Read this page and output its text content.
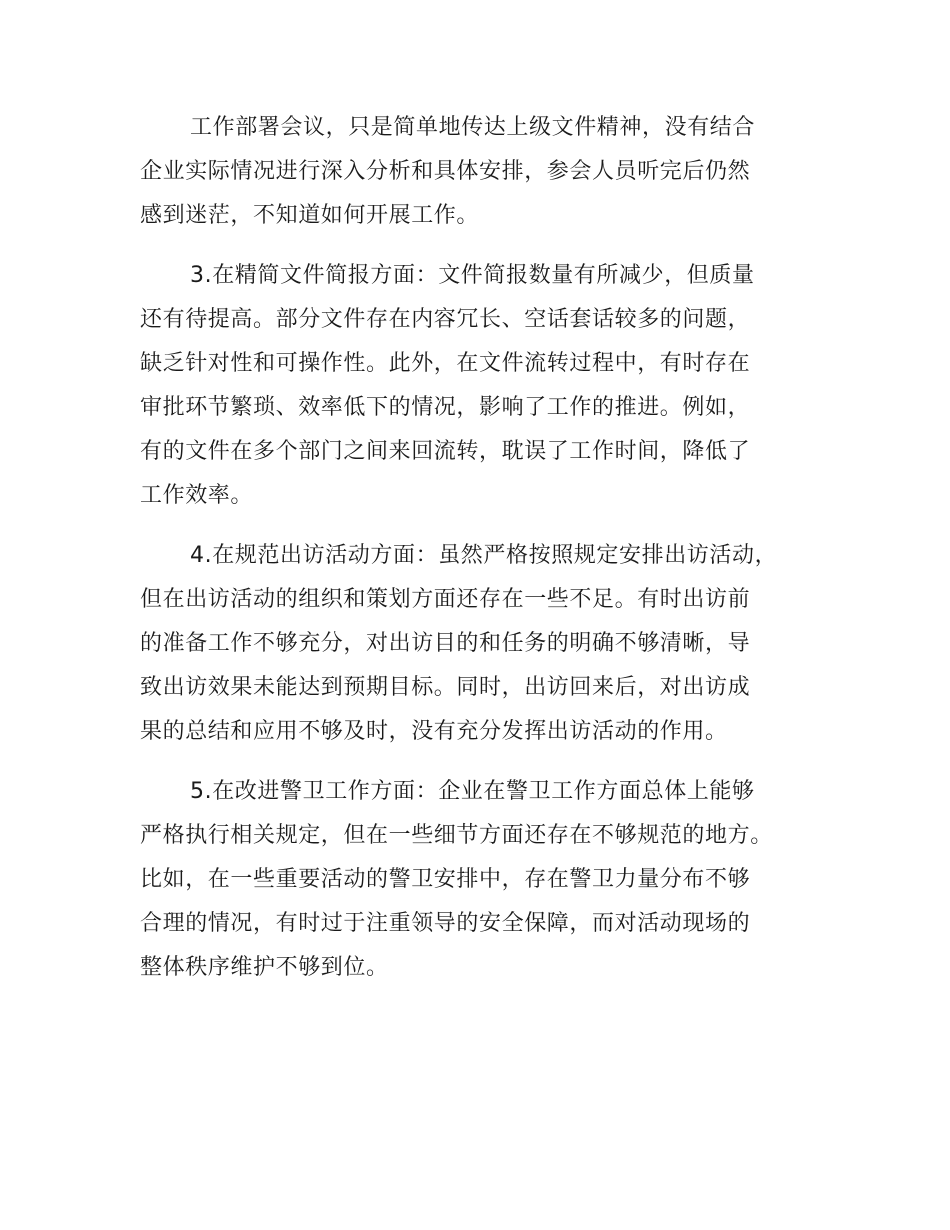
工作部署会议，只是简单地传达上级文件精神，没有结合
企业实际情况进行深入分析和具体安排，参会人员听完后仍然
感到迷茫，不知道如何开展工作。

3.在精简文件简报方面：文件简报数量有所减少，但质量
还有待提高。部分文件存在内容冗长、空话套话较多的问题，
缺乏针对性和可操作性。此外，在文件流转过程中，有时存在
审批环节繁琐、效率低下的情况，影响了工作的推进。例如，
有的文件在多个部门之间来回流转，耽误了工作时间，降低了
工作效率。

4.在规范出访活动方面：虽然严格按照规定安排出访活动，
但在出访活动的组织和策划方面还存在一些不足。有时出访前
的准备工作不够充分，对出访目的和任务的明确不够清晰，导
致出访效果未能达到预期目标。同时，出访回来后，对出访成
果的总结和应用不够及时，没有充分发挥出访活动的作用。

5.在改进警卫工作方面：企业在警卫工作方面总体上能够
严格执行相关规定，但在一些细节方面还存在不够规范的地方。
比如，在一些重要活动的警卫安排中，存在警卫力量分布不够
合理的情况，有时过于注重领导的安全保障，而对活动现场的
整体秩序维护不够到位。
